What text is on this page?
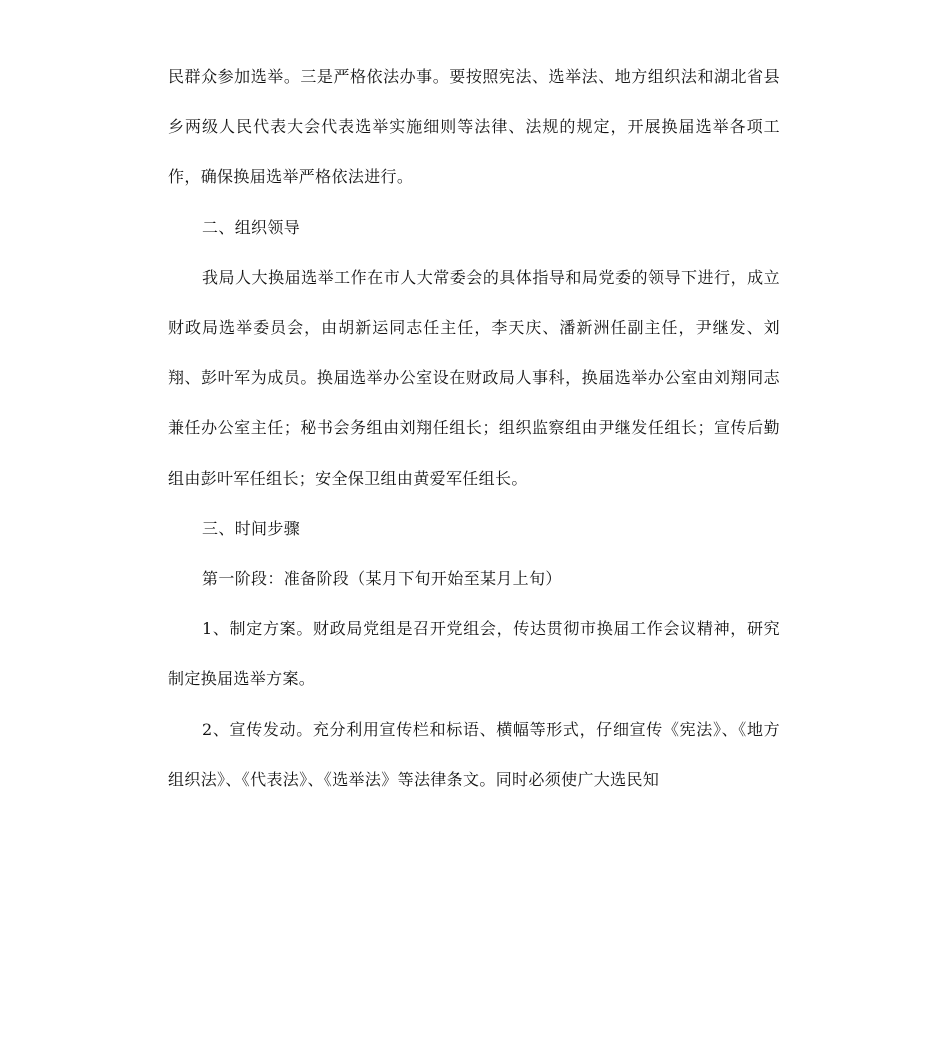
民群众参加选举。三是严格依法办事。要按照宪法、选举法、地方组织法和湖北省县乡两级人民代表大会代表选举实施细则等法律、法规的规定，开展换届选举各项工作，确保换届选举严格依法进行。

二、组织领导

我局人大换届选举工作在市人大常委会的具体指导和局党委的领导下进行，成立财政局选举委员会，由胡新运同志任主任，李天庆、潘新洲任副主任，尹继发、刘翔、彭叶军为成员。换届选举办公室设在财政局人事科，换届选举办公室由刘翔同志兼任办公室主任；秘书会务组由刘翔任组长；组织监察组由尹继发任组长；宣传后勤组由彭叶军任组长；安全保卫组由黄爱军任组长。

三、时间步骤

第一阶段：准备阶段（某月下旬开始至某月上旬）

1、制定方案。财政局党组是召开党组会，传达贯彻市换届工作会议精神，研究制定换届选举方案。

2、宣传发动。充分利用宣传栏和标语、横幅等形式，仔细宣传《宪法》、《地方组织法》、《代表法》、《选举法》等法律条文。同时必须使广大选民知
